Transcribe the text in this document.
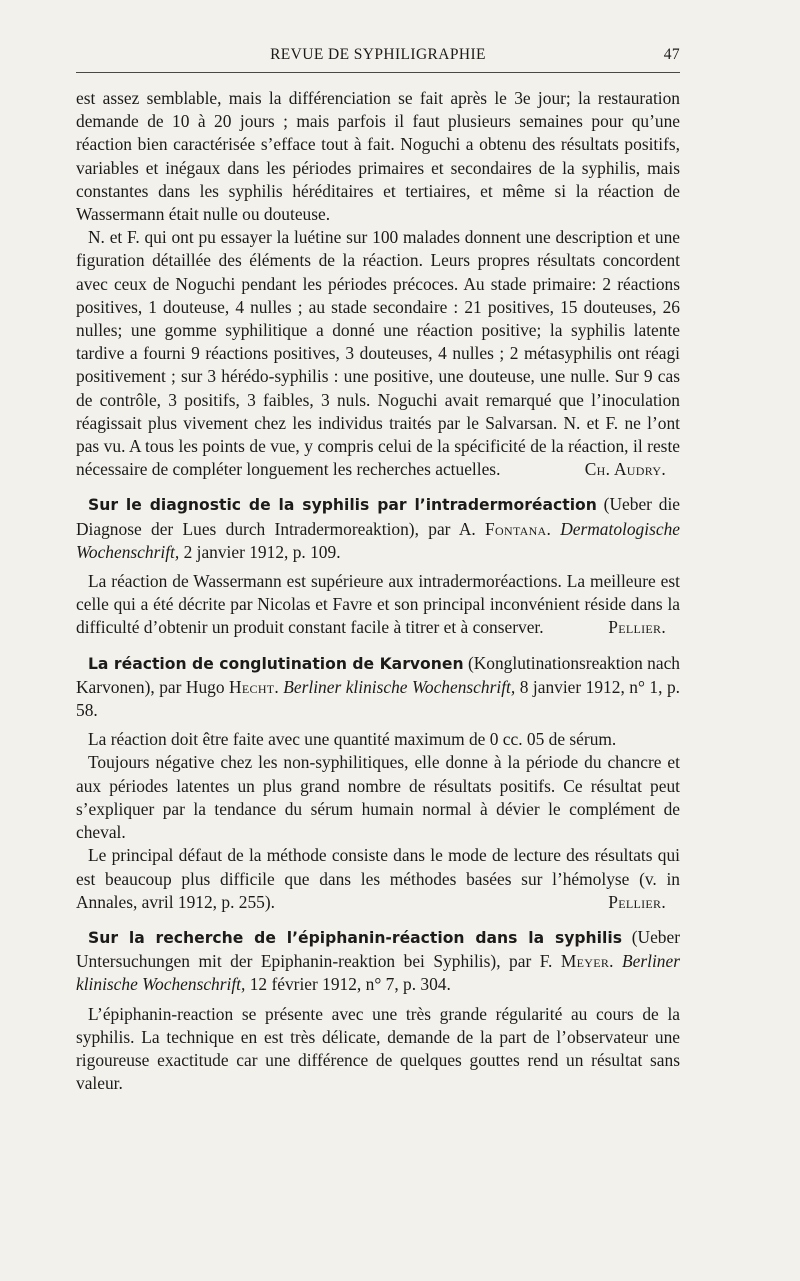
REVUE DE SYPHILIGRAPHIE	47

est assez semblable, mais la différenciation se fait après le 3e jour; la restauration demande de 10 à 20 jours ; mais parfois il faut plusieurs semaines pour qu’une réaction bien caractérisée s’efface tout à fait. Noguchi a obtenu des résultats positifs, variables et inégaux dans les périodes primaires et secondaires de la syphilis, mais constantes dans les syphilis héréditaires et tertiaires, et même si la réaction de Wassermann était nulle ou douteuse.

N. et F. qui ont pu essayer la luétine sur 100 malades donnent une description et une figuration détaillée des éléments de la réaction. Leurs propres résultats concordent avec ceux de Noguchi pendant les périodes précoces. Au stade primaire: 2 réactions positives, 1 douteuse, 4 nulles ; au stade secondaire : 21 positives, 15 douteuses, 26 nulles; une gomme syphilitique a donné une réaction positive; la syphilis latente tardive a fourni 9 réactions positives, 3 douteuses, 4 nulles ; 2 métasyphilis ont réagi positivement ; sur 3 hérédo-syphilis : une positive, une douteuse, une nulle. Sur 9 cas de contrôle, 3 positifs, 3 faibles, 3 nuls. Noguchi avait remarqué que l’inoculation réagissait plus vivement chez les individus traités par le Salvarsan. N. et F. ne l’ont pas vu. A tous les points de vue, y compris celui de la spécificité de la réaction, il reste nécessaire de compléter longuement les recherches actuelles.	Ch. Audry.

Sur le diagnostic de la syphilis par l’intradermoréaction (Ueber die Diagnose der Lues durch Intradermoreaktion), par A. Fontana. Dermatologische Wochenschrift, 2 janvier 1912, p. 109.

La réaction de Wassermann est supérieure aux intradermoréactions. La meilleure est celle qui a été décrite par Nicolas et Favre et son principal inconvénient réside dans la difficulté d’obtenir un produit constant facile à titrer et à conserver.	Pellier.

La réaction de conglutination de Karvonen (Konglutinationsreaktion nach Karvonen), par Hugo Hecht. Berliner klinische Wochenschrift, 8 janvier 1912, n° 1, p. 58.

La réaction doit être faite avec une quantité maximum de 0 cc. 05 de sérum.

Toujours négative chez les non-syphilitiques, elle donne à la période du chancre et aux périodes latentes un plus grand nombre de résultats positifs. Ce résultat peut s’expliquer par la tendance du sérum humain normal à dévier le complément de cheval.

Le principal défaut de la méthode consiste dans le mode de lecture des résultats qui est beaucoup plus difficile que dans les méthodes basées sur l’hémolyse (v. in Annales, avril 1912, p. 255).	Pellier.

Sur la recherche de l’épiphanin-réaction dans la syphilis (Ueber Untersuchungen mit der Epiphanin-reaktion bei Syphilis), par F. Meyer. Berliner klinische Wochenschrift, 12 février 1912, n° 7, p. 304.

L’épiphanin-reaction se présente avec une très grande régularité au cours de la syphilis. La technique en est très délicate, demande de la part de l’observateur une rigoureuse exactitude car une différence de quelques gouttes rend un résultat sans valeur.
